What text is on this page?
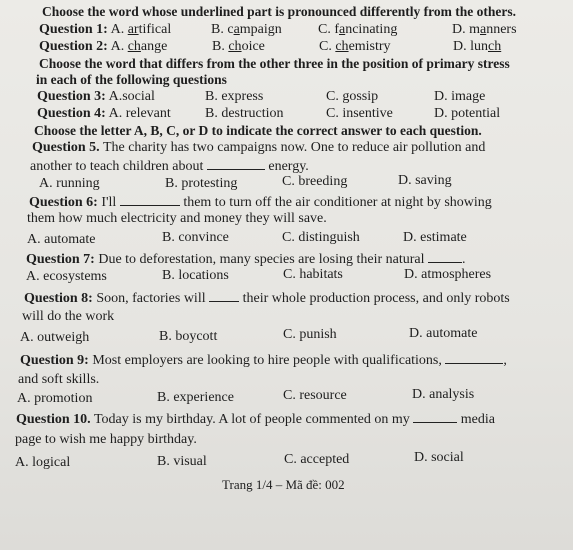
Choose the word whose underlined part is pronounced differently from the others.
Question 1: A. artifical	B. campaign	C. fancinating	D. manners
Question 2: A. change	B. choice	C. chemistry	D. lunch
Choose the word that differs from the other three in the position of primary stress
in each of the following questions
Question 3: A.social	B. express	C. gossip	D. image
Question 4: A. relevant B. destruction	C. insentive	D. potential
Choose the letter A, B, C, or D to indicate the correct answer to each question.
Question 5. The charity has two campaigns now. One to reduce air pollution and
another to teach children about	energy.
A. running	B. protesting	C. breeding	D. saving
Question 6: I'll	them to turn off the air conditioner at night by showing
them how much electricity and money they will save.
A. automate	B. convince	C. distinguish	D. estimate
Question 7: Due to deforestation, many species are losing their natural	.
A. ecosystems	B. locations	C. habitats	D. atmospheres
Question 8: Soon, factories will	their whole production process, and only robots
will do the work
A. outweigh	B. boycott	C. punish	D. automate
Question 9: Most employers are looking to hire people with qualifications,	,
and soft skills.
A. promotion	B. experience	C. resource	D. analysis
Question 10. Today is my birthday. A lot of people commented on my	media
page to wish me happy birthday.
A. logical	B. visual	C. accepted	D. social
Trang 1/4 – Mã đề: 002
